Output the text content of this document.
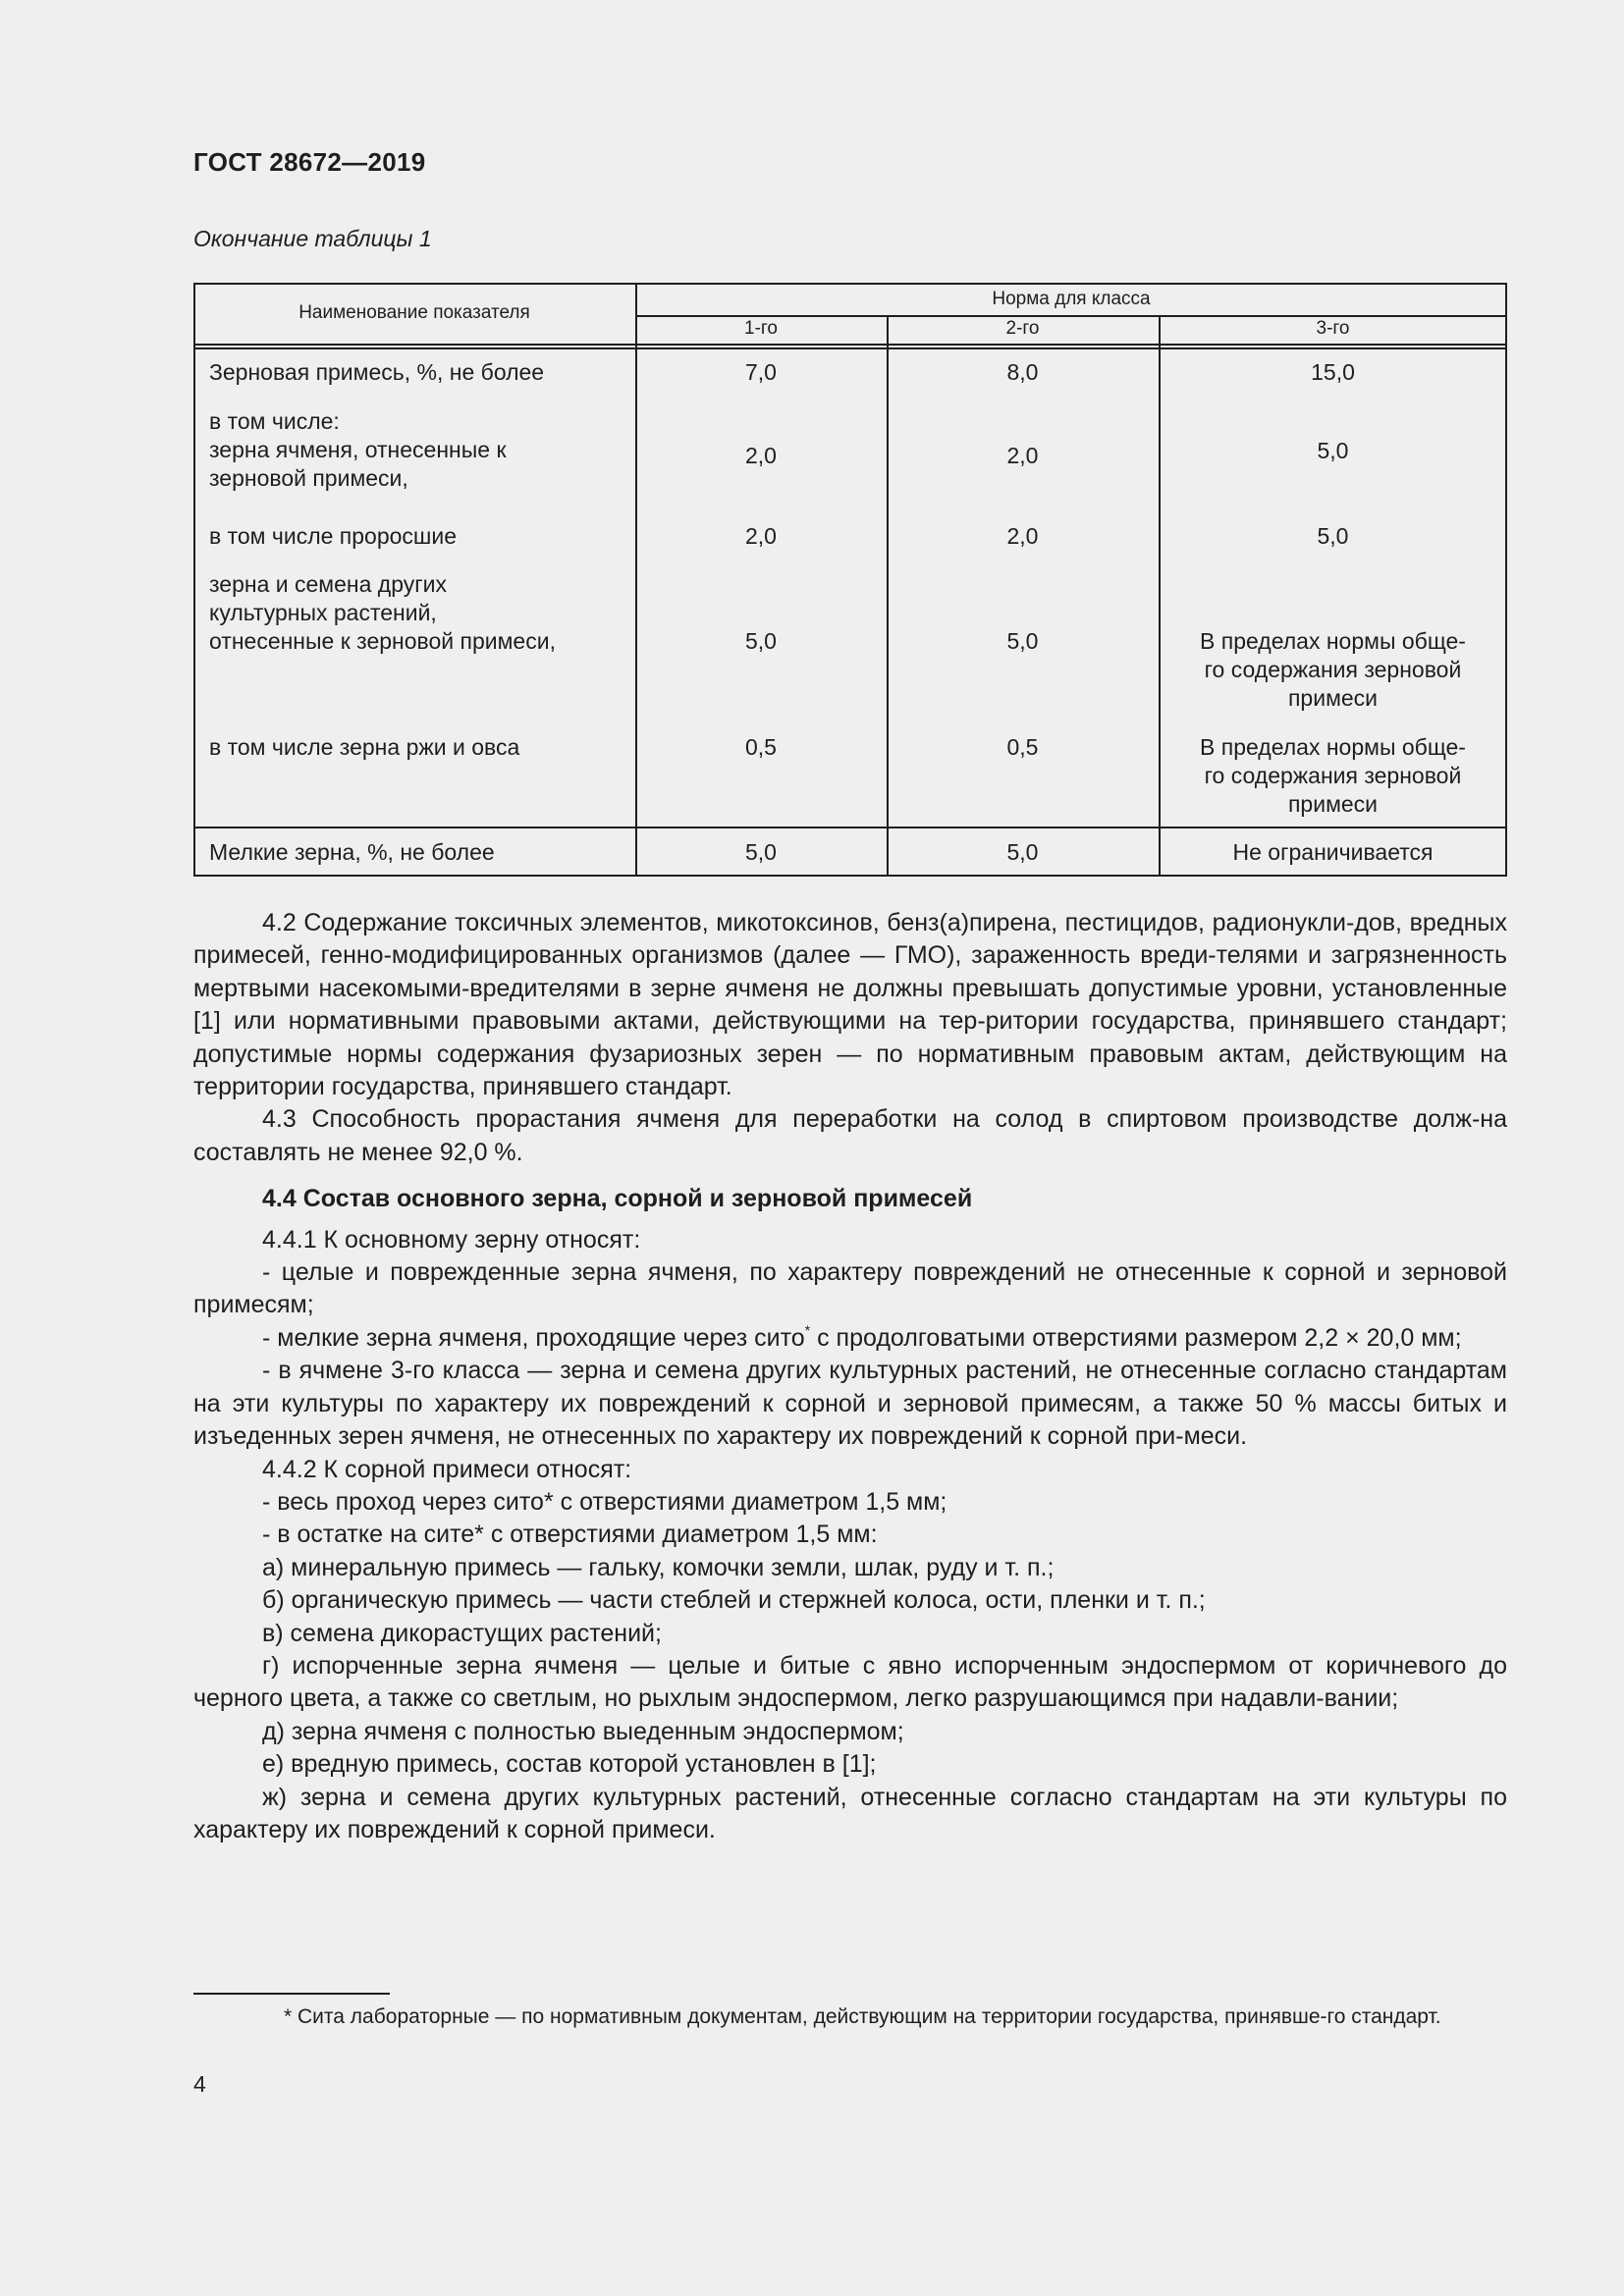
ГОСТ 28672—2019
Окончание таблицы 1
Наименование показателя
Норма для класса
1-го	2-го	3-го
Зерновая примесь, %, не более	7,0	8,0	15,0
в том числе:
зерна ячменя, отнесенные к
зерновой примеси,
2,0	2,0	5,0
в том числе проросшие	2,0	2,0	5,0
зерна и семена других
культурных растений,
отнесенные к зерновой примеси,	5,0	5,0	В пределах нормы обще-
го содержания зерновой
примеси
в том числе зерна ржи и овса	0,5	0,5	В пределах нормы обще-
го содержания зерновой
примеси
Мелкие зерна, %, не более	5,0	5,0	Не ограничивается

4.2 Содержание токсичных элементов, микотоксинов, бенз(а)пирена, пестицидов, радионукли-дов, вредных примесей, генно-модифицированных организмов (далее — ГМО), зараженность вреди-телями и загрязненность мертвыми насекомыми-вредителями в зерне ячменя не должны превышать допустимые уровни, установленные [1] или нормативными правовыми актами, действующими на тер-ритории государства, принявшего стандарт; допустимые нормы содержания фузариозных зерен — по нормативным правовым актам, действующим на территории государства, принявшего стандарт.

4.3 Способность прорастания ячменя для переработки на солод в спиртовом производстве долж-на составлять не менее 92,0 %.

4.4 Состав основного зерна, сорной и зерновой примесей

4.4.1 К основному зерну относят:

- целые и поврежденные зерна ячменя, по характеру повреждений не отнесенные к сорной и зерновой примесям;

- мелкие зерна ячменя, проходящие через сито* с продолговатыми отверстиями размером 2,2 × 20,0 мм;

- в ячмене 3-го класса — зерна и семена других культурных растений, не отнесенные согласно стандартам на эти культуры по характеру их повреждений к сорной и зерновой примесям, а также 50 % массы битых и изъеденных зерен ячменя, не отнесенных по характеру их повреждений к сорной при-меси.

4.4.2 К сорной примеси относят:

- весь проход через сито* с отверстиями диаметром 1,5 мм;

- в остатке на сите* с отверстиями диаметром 1,5 мм:

а) минеральную примесь — гальку, комочки земли, шлак, руду и т. п.;

б) органическую примесь — части стеблей и стержней колоса, ости, пленки и т. п.;

в) семена дикорастущих растений;

г) испорченные зерна ячменя — целые и битые с явно испорченным эндоспермом от коричневого до черного цвета, а также со светлым, но рыхлым эндоспермом, легко разрушающимся при надавли-вании;

д) зерна ячменя с полностью выеденным эндоспермом;

е) вредную примесь, состав которой установлен в [1];

ж) зерна и семена других культурных растений, отнесенные согласно стандартам на эти культуры по характеру их повреждений к сорной примеси.

* Сита лабораторные — по нормативным документам, действующим на территории государства, принявше-го стандарт.
4
